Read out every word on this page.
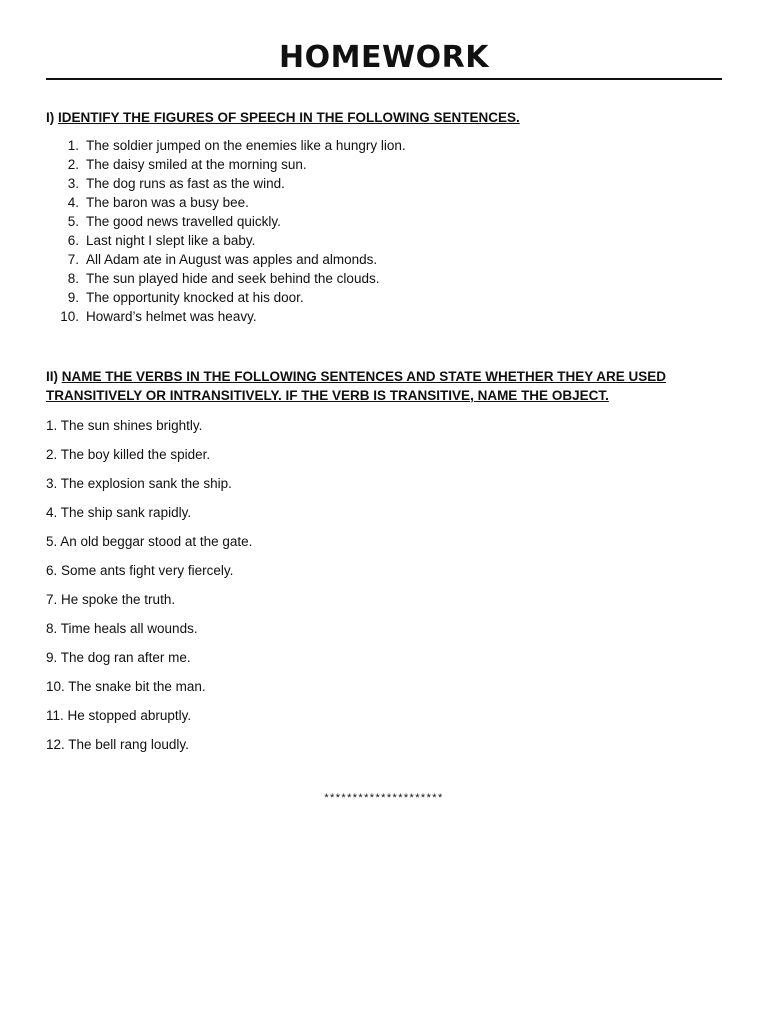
HOMEWORK

I) IDENTIFY THE FIGURES OF SPEECH IN THE FOLLOWING SENTENCES.

1. The soldier jumped on the enemies like a hungry lion.
2. The daisy smiled at the morning sun.
3. The dog runs as fast as the wind.
4. The baron was a busy bee.
5. The good news travelled quickly.
6. Last night I slept like a baby.
7. All Adam ate in August was apples and almonds.
8. The sun played hide and seek behind the clouds.
9. The opportunity knocked at his door.
10. Howard’s helmet was heavy.

II) NAME THE VERBS IN THE FOLLOWING SENTENCES AND STATE WHETHER THEY ARE USED
TRANSITIVELY OR INTRANSITIVELY. IF THE VERB IS TRANSITIVE, NAME THE OBJECT.

1. The sun shines brightly.
2. The boy killed the spider.
3. The explosion sank the ship.
4. The ship sank rapidly.
5. An old beggar stood at the gate.
6. Some ants fight very fiercely.
7. He spoke the truth.
8. Time heals all wounds.
9. The dog ran after me.
10. The snake bit the man.
11. He stopped abruptly.
12. The bell rang loudly.
*********************
